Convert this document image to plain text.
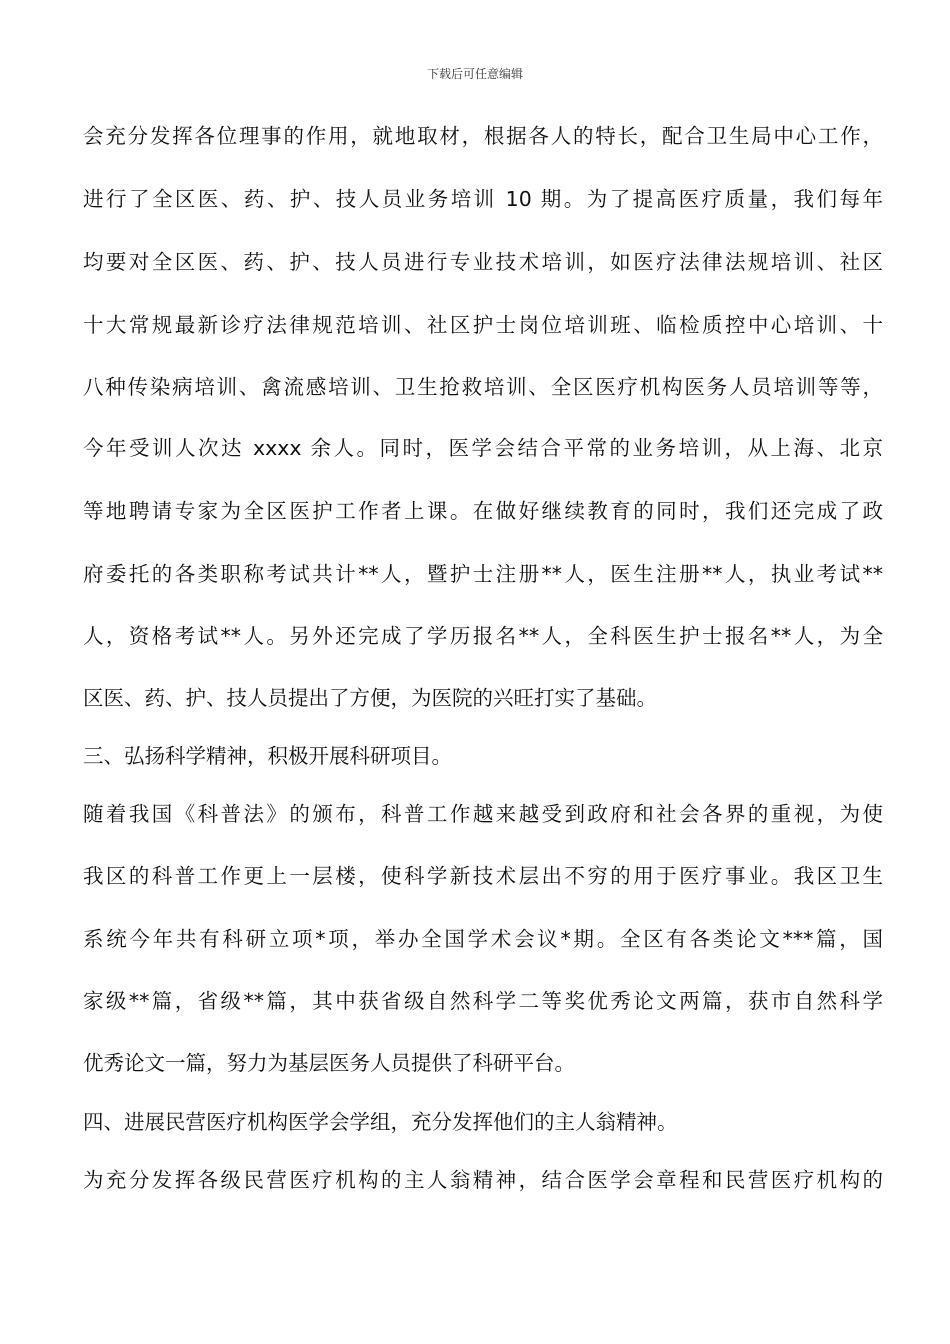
下载后可任意编辑
会充分发挥各位理事的作用，就地取材，根据各人的特长，配合卫生局中心工作，
进行了全区医、药、护、技人员业务培训 10 期。为了提高医疗质量，我们每年
均要对全区医、药、护、技人员进行专业技术培训，如医疗法律法规培训、社区
十大常规最新诊疗法律规范培训、社区护士岗位培训班、临检质控中心培训、十
八种传染病培训、禽流感培训、卫生抢救培训、全区医疗机构医务人员培训等等，
今年受训人次达 xxxx 余人。同时，医学会结合平常的业务培训，从上海、北京
等地聘请专家为全区医护工作者上课。在做好继续教育的同时，我们还完成了政
府委托的各类职称考试共计**人，暨护士注册**人，医生注册**人，执业考试**
人，资格考试**人。另外还完成了学历报名**人，全科医生护士报名**人，为全
区医、药、护、技人员提出了方便，为医院的兴旺打实了基础。
三、弘扬科学精神，积极开展科研项目。
随着我国《科普法》的颁布，科普工作越来越受到政府和社会各界的重视，为使
我区的科普工作更上一层楼，使科学新技术层出不穷的用于医疗事业。我区卫生
系统今年共有科研立项*项，举办全国学术会议*期。全区有各类论文***篇，国
家级**篇，省级**篇，其中获省级自然科学二等奖优秀论文两篇，获市自然科学
优秀论文一篇，努力为基层医务人员提供了科研平台。
四、进展民营医疗机构医学会学组，充分发挥他们的主人翁精神。
为充分发挥各级民营医疗机构的主人翁精神，结合医学会章程和民营医疗机构的
